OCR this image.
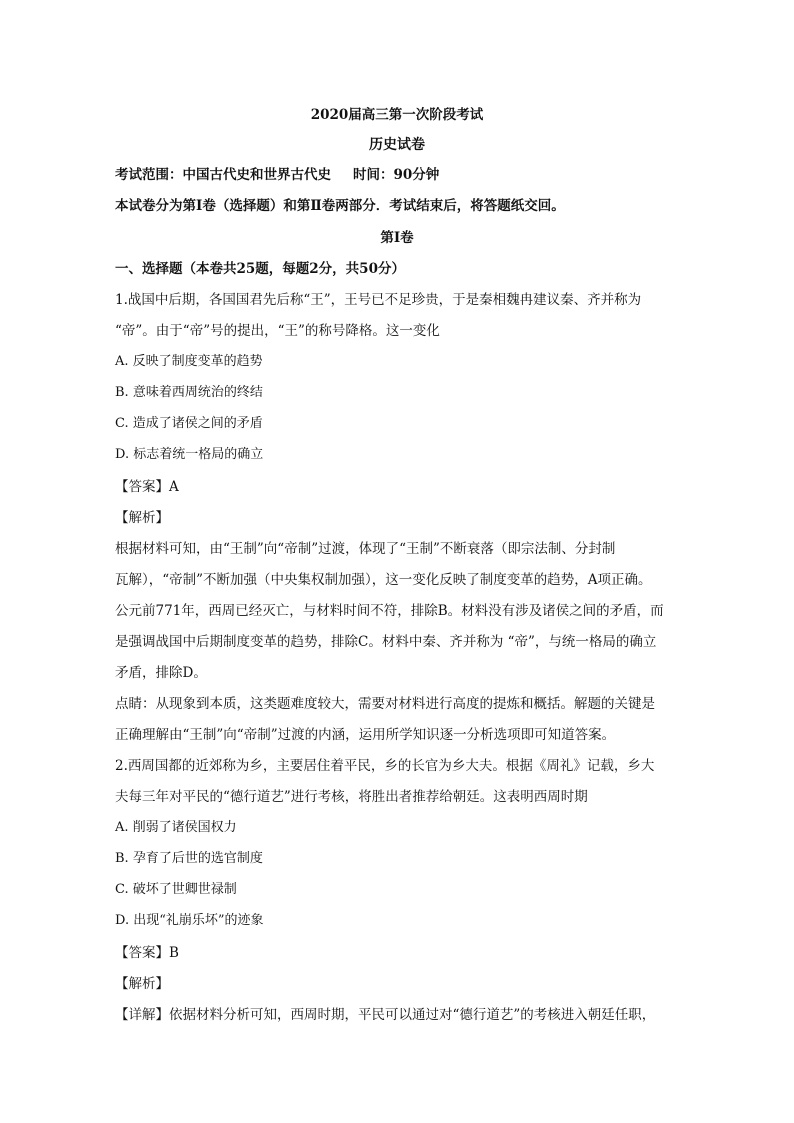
2020届高三第一次阶段考试
历史试卷
考试范围：中国古代史和世界古代史 时间：90分钟
本试卷分为第Ⅰ卷（选择题）和第Ⅱ卷两部分．考试结束后，将答题纸交回。
第Ⅰ卷
一、选择题（本卷共25题，每题2分，共50分）
1.战国中后期，各国国君先后称“王”，王号已不足珍贵，于是秦相魏冉建议秦、齐并称为
“帝”。由于“帝”号的提出，“王”的称号降格。这一变化
A. 反映了制度变革的趋势
B. 意味着西周统治的终结
C. 造成了诸侯之间的矛盾
D. 标志着统一格局的确立
【答案】A
【解析】
根据材料可知，由“王制”向“帝制”过渡，体现了“王制”不断衰落（即宗法制、分封制
瓦解），“帝制”不断加强（中央集权制加强），这一变化反映了制度变革的趋势，A项正确。
公元前771年，西周已经灭亡，与材料时间不符，排除B。材料没有涉及诸侯之间的矛盾，而
是强调战国中后期制度变革的趋势，排除C。材料中秦、齐并称为 “帝”，与统一格局的确立
矛盾，排除D。
点睛：从现象到本质，这类题难度较大，需要对材料进行高度的提炼和概括。解题的关键是
正确理解由“王制”向“帝制”过渡的内涵，运用所学知识逐一分析选项即可知道答案。
2.西周国都的近郊称为乡，主要居住着平民，乡的长官为乡大夫。根据《周礼》记载，乡大
夫每三年对平民的“德行道艺”进行考核，将胜出者推荐给朝廷。这表明西周时期
A. 削弱了诸侯国权力
B. 孕育了后世的选官制度
C. 破坏了世卿世禄制
D. 出现“礼崩乐坏”的迹象
【答案】B
【解析】
【详解】依据材料分析可知，西周时期，平民可以通过对“德行道艺”的考核进入朝廷任职，
